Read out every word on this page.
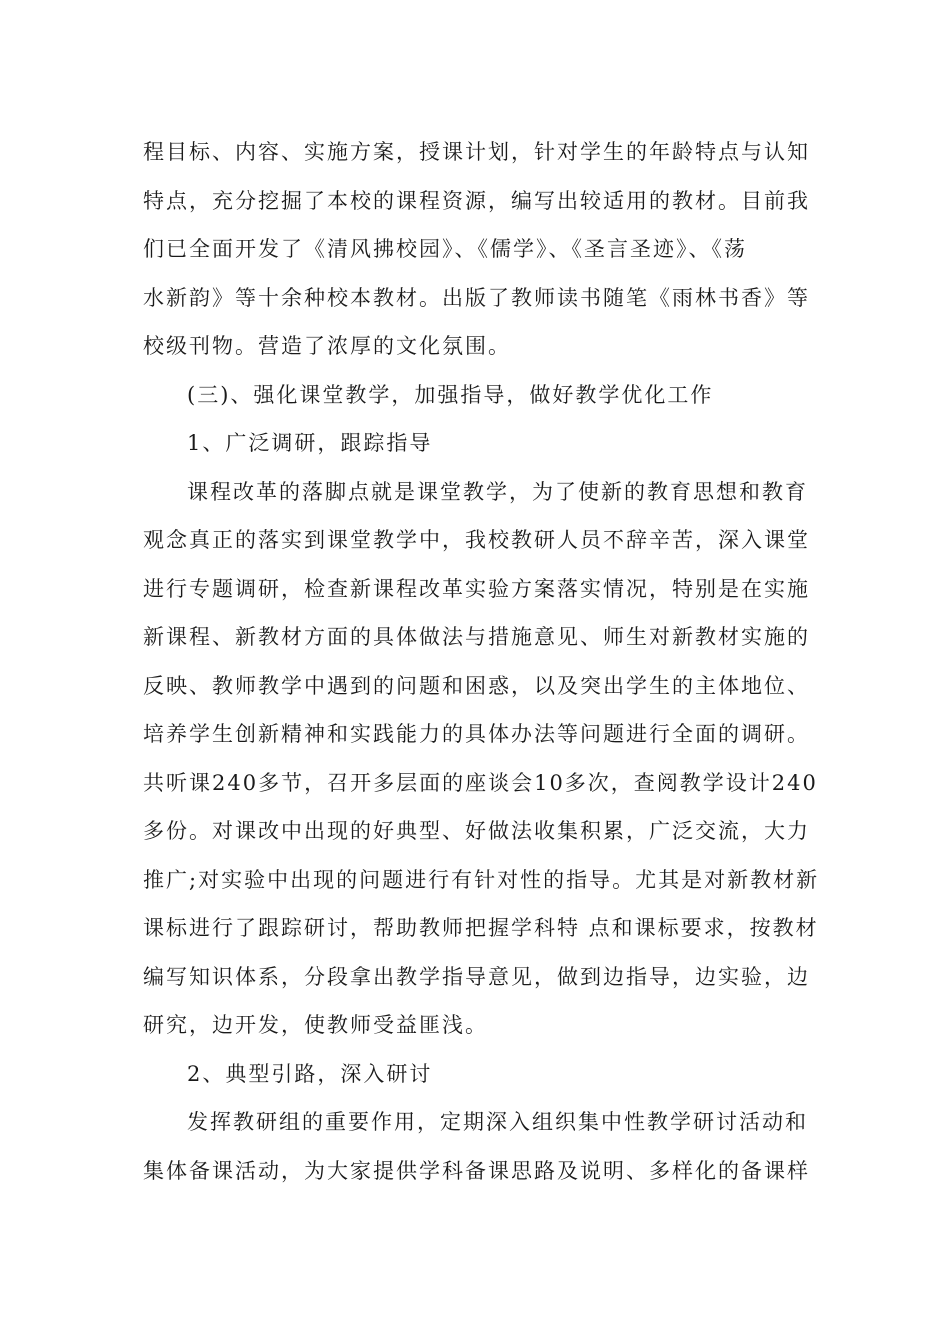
程目标、内容、实施方案，授课计划，针对学生的年龄特点与认知
特点，充分挖掘了本校的课程资源，编写出较适用的教材。目前我
们已全面开发了《清风拂校园》、《儒学》、《圣言圣迹》、《荡
水新韵》等十余种校本教材。出版了教师读书随笔《雨林书香》等
校级刊物。营造了浓厚的文化氛围。
(三)、强化课堂教学，加强指导，做好教学优化工作
1、广泛调研，跟踪指导
课程改革的落脚点就是课堂教学，为了使新的教育思想和教育
观念真正的落实到课堂教学中，我校教研人员不辞辛苦，深入课堂
进行专题调研，检查新课程改革实验方案落实情况，特别是在实施
新课程、新教材方面的具体做法与措施意见、师生对新教材实施的
反映、教师教学中遇到的问题和困惑，以及突出学生的主体地位、
培养学生创新精神和实践能力的具体办法等问题进行全面的调研。
共听课240多节，召开多层面的座谈会10多次，查阅教学设计240
多份。对课改中出现的好典型、好做法收集积累，广泛交流，大力
推广;对实验中出现的问题进行有针对性的指导。尤其是对新教材新
课标进行了跟踪研讨，帮助教师把握学科特 点和课标要求，按教材
编写知识体系，分段拿出教学指导意见，做到边指导，边实验，边
研究，边开发，使教师受益匪浅。
2、典型引路，深入研讨
发挥教研组的重要作用，定期深入组织集中性教学研讨活动和
集体备课活动，为大家提供学科备课思路及说明、多样化的备课样
